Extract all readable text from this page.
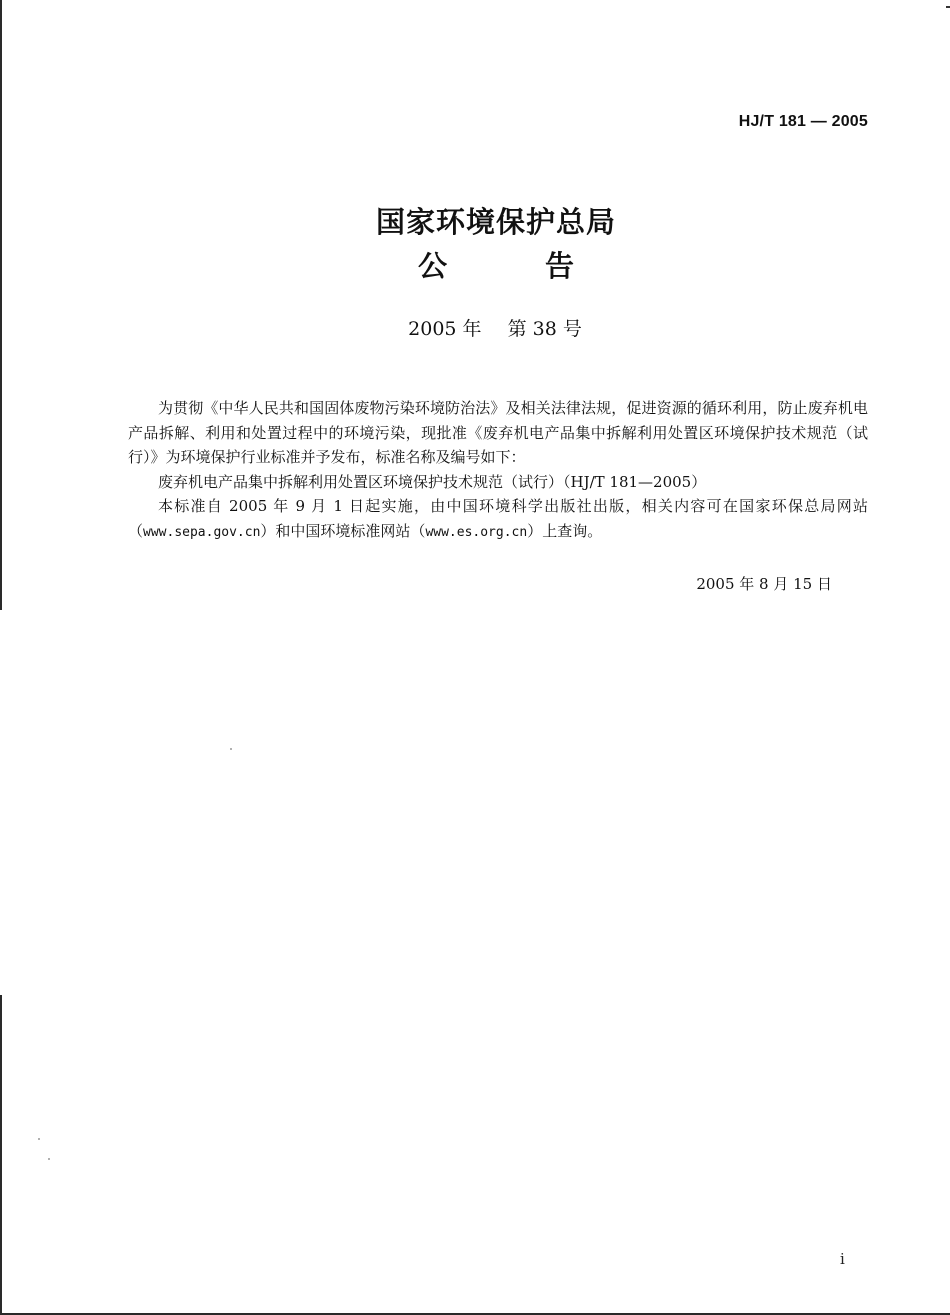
HJ/T 181 — 2005
国家环境保护总局
公	告
2005 年 第 38 号

为贯彻《中华人民共和国固体废物污染环境防治法》及相关法律法规，促进资源的循环利用，防止废弃机电产品拆解、利用和处置过程中的环境污染，现批准《废弃机电产品集中拆解利用处置区环境保护技术规范（试行）》为环境保护行业标准并予发布，标准名称及编号如下：

废弃机电产品集中拆解利用处置区环境保护技术规范（试行）（HJ/T 181—2005）

本标准自 2005 年 9 月 1 日起实施，由中国环境科学出版社出版，相关内容可在国家环保总局网站（www.sepa.gov.cn）和中国环境标准网站（www.es.org.cn）上查询。

2005 年 8 月 15 日
i
